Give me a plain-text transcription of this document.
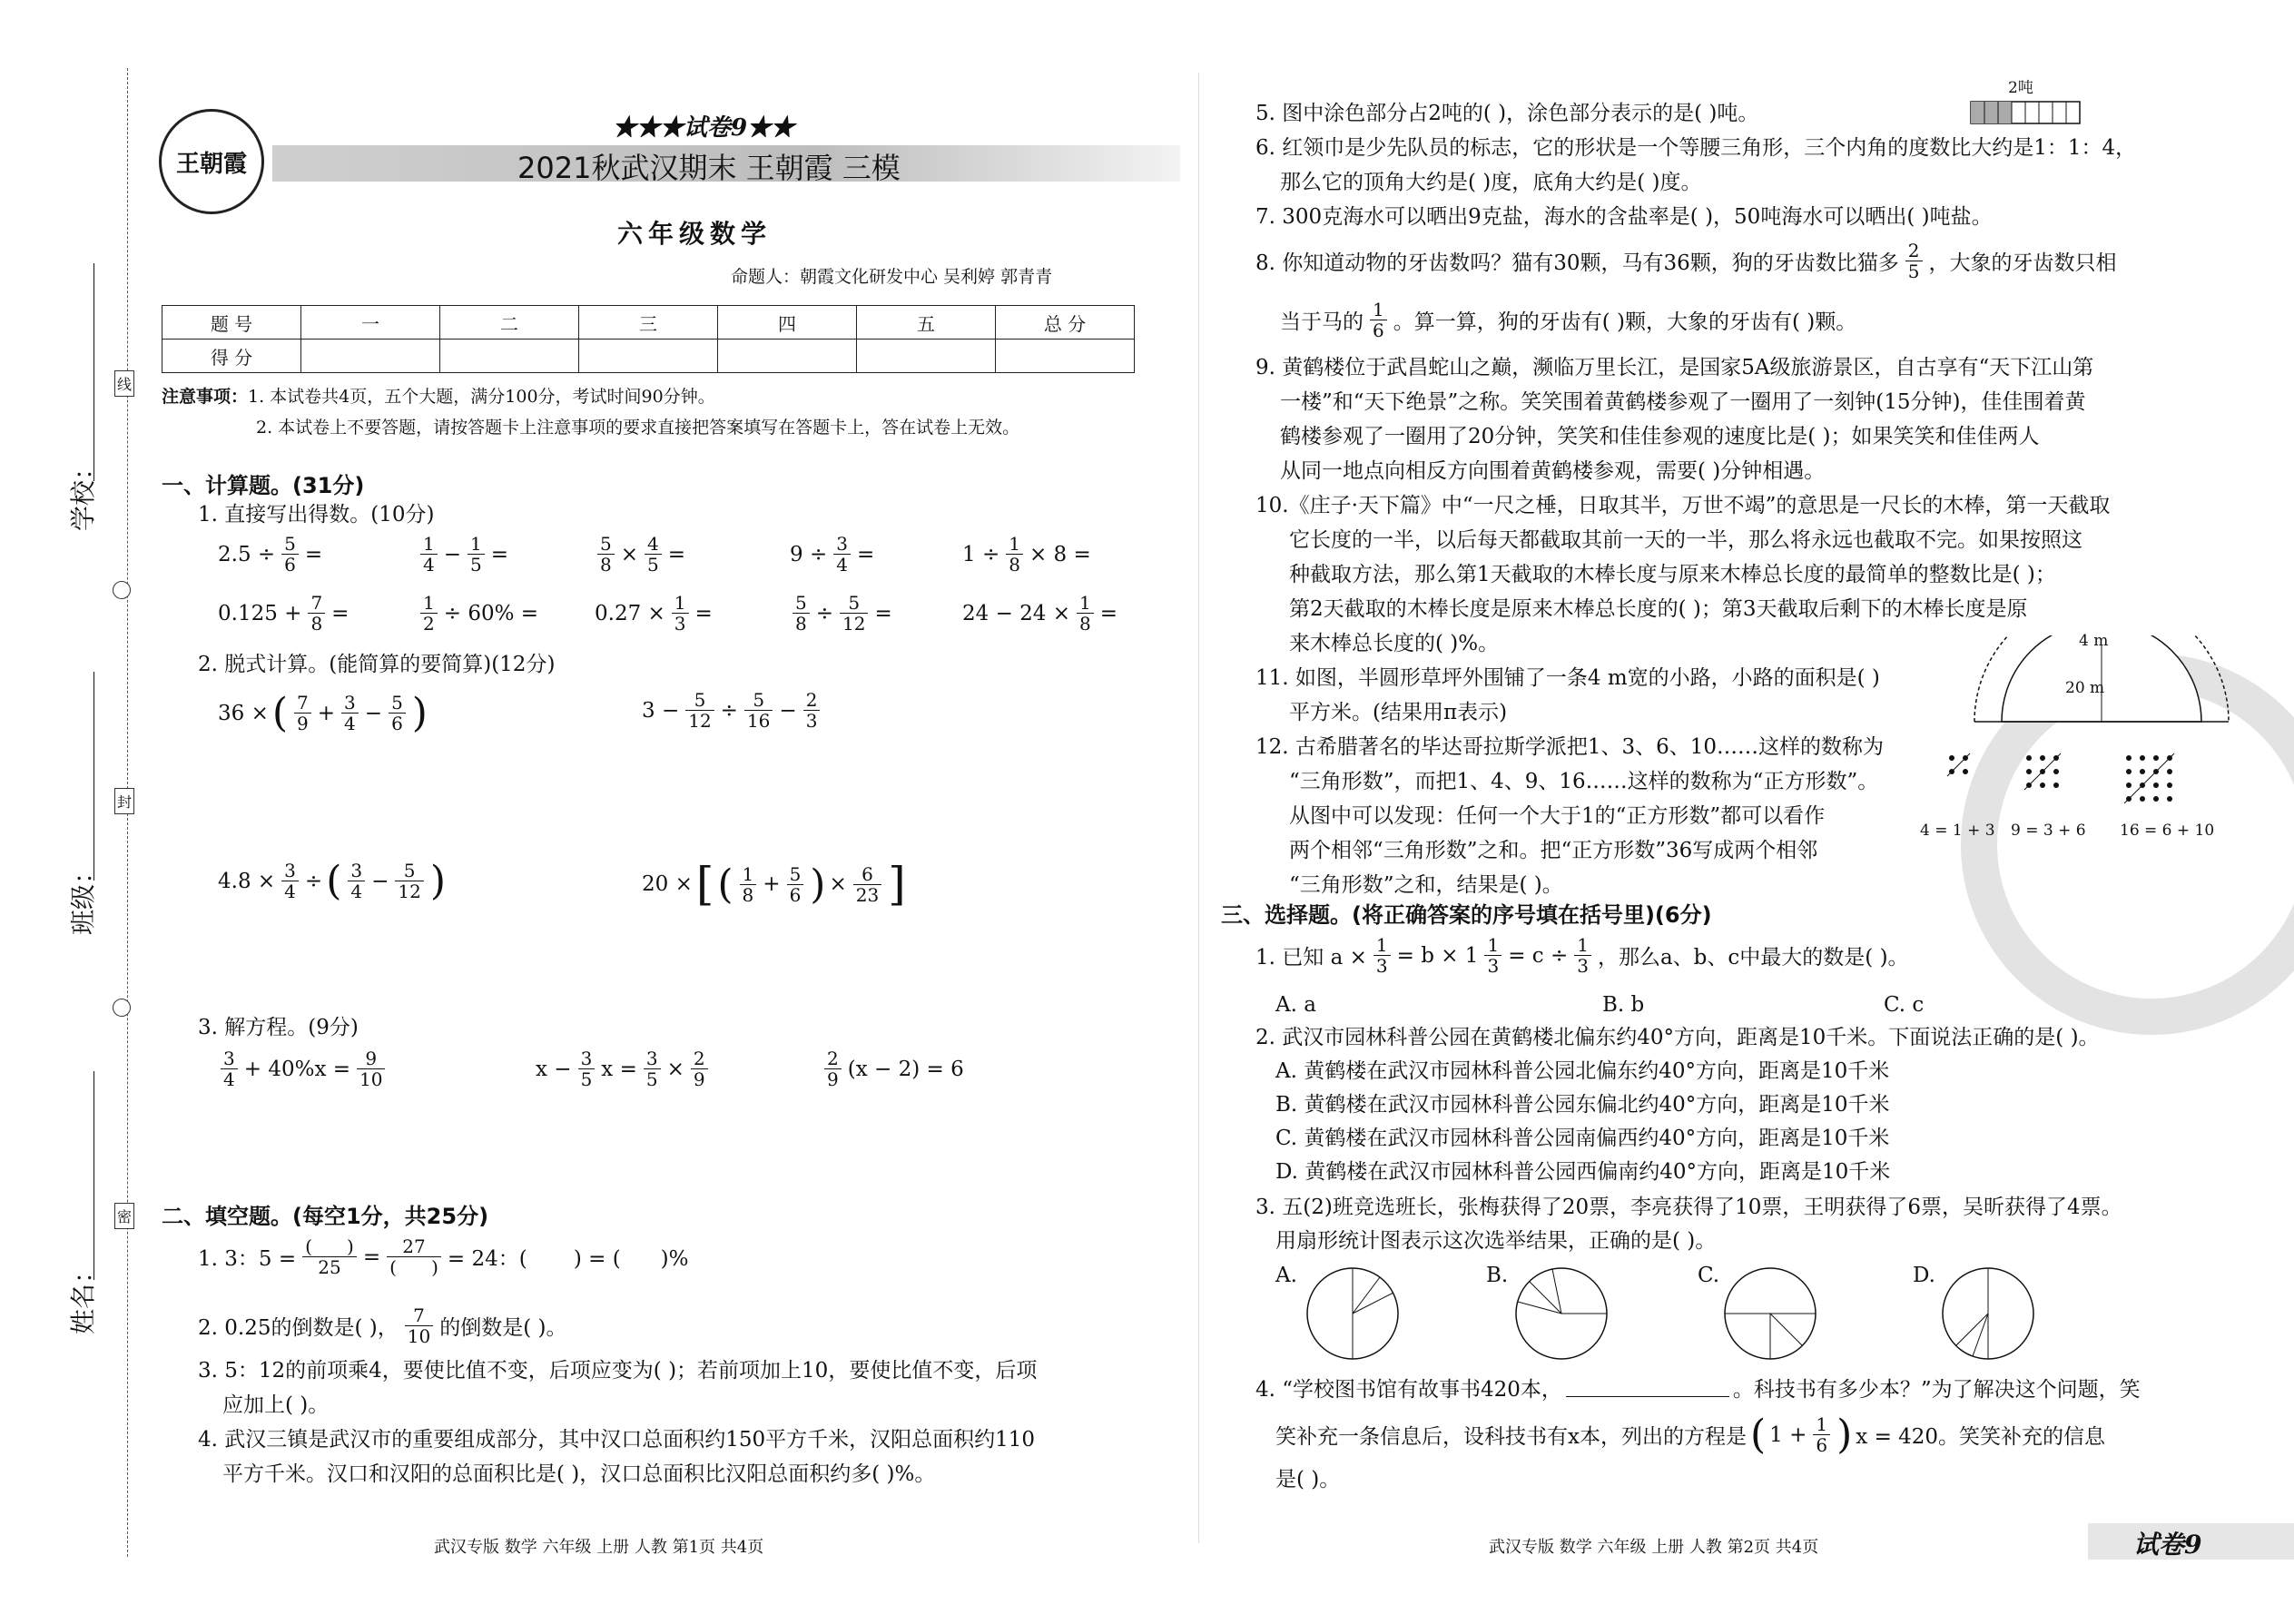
学校：
班级：
姓名：
线
封
密
王朝霞
★★★试卷9★★
2021秋武汉期末 王朝霞 三模
六年级数学
命题人：朝霞文化研发中心 吴利婷 郭青青
题 号	一	二	三	四	五	总 分
得 分						
注意事项：1. 本试卷共4页，五个大题，满分100分，考试时间90分钟。
2. 本试卷上不要答题，请按答题卡上注意事项的要求直接把答案填写在答题卡上，答在试卷上无效。
一、计算题。(31分)
1. 直接写出得数。(10分)
$2.5 \div \frac{5}{6}$ =	$\frac{1}{4} - \frac{1}{5}$ =	$\frac{5}{8} \times \frac{4}{5}$ =	$9 \div \frac{3}{4}$ =	$1 \div \frac{1}{8} \times 8$ =
$0.125 + \frac{7}{8}$ =	$\frac{1}{2} \div 60\%$ =	$0.27 \times \frac{1}{3}$ =	$\frac{5}{8} \div \frac{5}{12}$ =	$24 - 24 \times \frac{1}{8}$ =
2. 脱式计算。(能简算的要简算)(12分)
36 × ( $\frac{7}{9} + \frac{3}{4} - \frac{5}{6}$ )	$3 - \frac{5}{12} \div \frac{5}{16} - \frac{2}{3}$
$4.8 \times \frac{3}{4}$ ÷ ( $\frac{3}{4} - \frac{5}{12}$ )	20 × [ ( $\frac{1}{8} + \frac{5}{6}$ ) × $\frac{6}{23}$ ]
3. 解方程。(9分)
$\frac{3}{4} + 40\%x = \frac{9}{10}$	$x - \frac{3}{5}$ $x = \frac{3}{5} \times \frac{2}{9}$	$\frac{2}{9} (x - 2) = 6$
二、填空题。(每空1分，共25分)
1. 3：$5 = \frac{( )}{25} = \frac{27}{( )} = 24$：(       ) = (      )%
2. 0.25的倒数是( )， $\frac{7}{10}$ 的倒数是( )。
3. 5：12的前项乘4，要使比值不变，后项应变为( )；若前项加上10，要使比值不变，后项
应加上( )。
4. 武汉三镇是武汉市的重要组成部分，其中汉口总面积约150平方千米，汉阳总面积约110
平方千米。汉口和汉阳的总面积比是( )，汉口总面积比汉阳总面积约多( )%。
武汉专版 数学 六年级 上册 人教 第1页 共4页
5. 图中涂色部分占2吨的( )，涂色部分表示的是( )吨。
2吨
6. 红领巾是少先队员的标志，它的形状是一个等腰三角形，三个内角的度数比大约是1：1：4，
那么它的顶角大约是( )度，底角大约是( )度。
7. 300克海水可以晒出9克盐，海水的含盐率是( )，50吨海水可以晒出( )吨盐。
8. 你知道动物的牙齿数吗？猫有30颗，马有36颗，狗的牙齿数比猫多 $\frac{2}{5}$ ，大象的牙齿数只相
当于马的 $\frac{1}{6}$ 。算一算，狗的牙齿有( )颗，大象的牙齿有( )颗。
9. 黄鹤楼位于武昌蛇山之巅，濒临万里长江，是国家5A级旅游景区，自古享有“天下江山第
一楼”和“天下绝景”之称。笑笑围着黄鹤楼参观了一圈用了一刻钟(15分钟)，佳佳围着黄
鹤楼参观了一圈用了20分钟，笑笑和佳佳参观的速度比是( )；如果笑笑和佳佳两人
从同一地点向相反方向围着黄鹤楼参观，需要( )分钟相遇。
10.《庄子·天下篇》中“一尺之棰，日取其半，万世不竭”的意思是一尺长的木棒，第一天截取
它长度的一半，以后每天都截取其前一天的一半，那么将永远也截取不完。如果按照这
种截取方法，那么第1天截取的木棒长度与原来木棒总长度的最简单的整数比是( )；
第2天截取的木棒长度是原来木棒总长度的( )；第3天截取后剩下的木棒长度是原
来木棒总长度的( )%。
11. 如图，半圆形草坪外围铺了一条4 m宽的小路，小路的面积是( )
平方米。(结果用π表示)
4 m
20 m
12. 古希腊著名的毕达哥拉斯学派把1、3、6、10……这样的数称为
“三角形数”，而把1、4、9、16……这样的数称为“正方形数”。
从图中可以发现：任何一个大于1的“正方形数”都可以看作
两个相邻“三角形数”之和。把“正方形数”36写成两个相邻
“三角形数”之和，结果是( )。
4 = 1 + 3 9 = 3 + 6 16 = 6 + 10
三、选择题。(将正确答案的序号填在括号里)(6分)
1. 已知 $a \times \frac{1}{3} = b \times 1 \frac{1}{3} = c \div \frac{1}{3}$ ，那么a、b、c中最大的数是( )。
A. a	B. b	C. c
2. 武汉市园林科普公园在黄鹤楼北偏东约40°方向，距离是10千米。下面说法正确的是( )。
A. 黄鹤楼在武汉市园林科普公园北偏东约40°方向，距离是10千米
B. 黄鹤楼在武汉市园林科普公园东偏北约40°方向，距离是10千米
C. 黄鹤楼在武汉市园林科普公园南偏西约40°方向，距离是10千米
D. 黄鹤楼在武汉市园林科普公园西偏南约40°方向，距离是10千米
3. 五(2)班竞选班长，张梅获得了20票，李亮获得了10票，王明获得了6票，吴昕获得了4票。
用扇形统计图表示这次选举结果，正确的是( )。
A.	B.	C.	D.
4. “学校图书馆有故事书420本，	。科技书有多少本？”为了解决这个问题，笑
笑补充一条信息后，设科技书有x本，列出的方程是 ( $1 + \frac{1}{6}$ ) x = 420。笑笑补充的信息
是( )。
武汉专版 数学 六年级 上册 人教 第2页 共4页	试卷9
